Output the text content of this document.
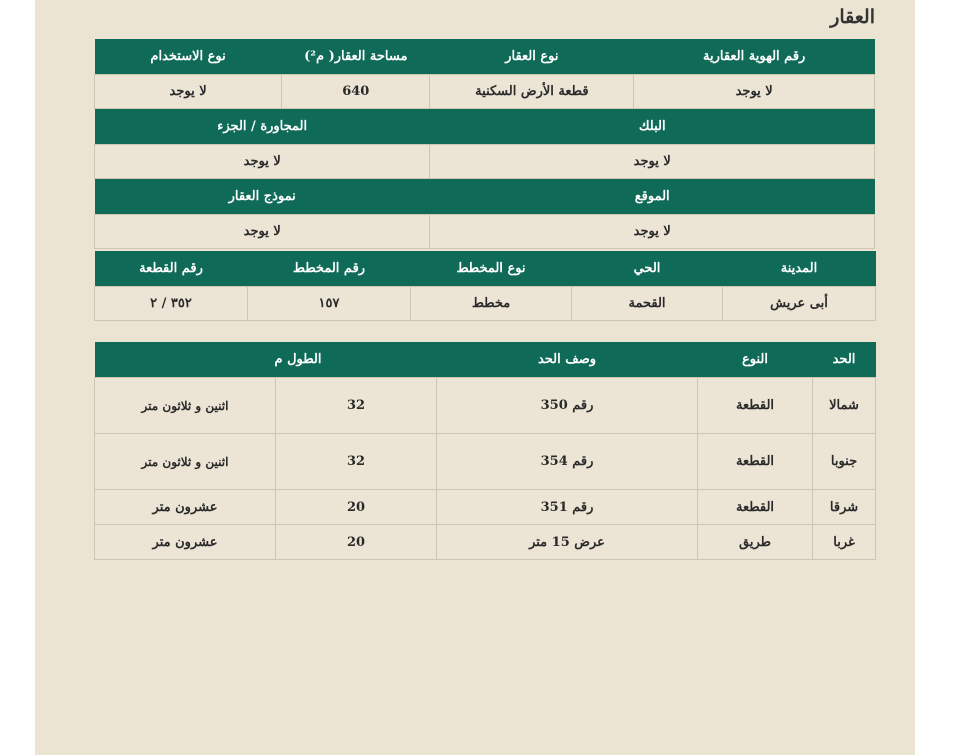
العقار
رقم الهوية العقارية	نوع العقار	مساحة العقار( م²)	نوع الاستخدام
لا يوجد	قطعة الأرض السكنية	640	لا يوجد
البلك		المجاورة / الجزء	
لا يوجد		لا يوجد	
الموقع		نموذج العقار	
لا يوجد		لا يوجد	
المدينة	الحي	نوع المخطط	رقم المخطط	رقم القطعة
أبى عريش	القحمة	مخطط	١٥٧	٣٥٢ / ٢
الحد	النوع	وصف الحد	الطول م	
شمالا	القطعة	رقم 350	32	اثنين و ثلاثون متر
جنوبا	القطعة	رقم 354	32	اثنين و ثلاثون متر
شرقا	القطعة	رقم 351	20	عشرون متر
غربا	طريق	عرض 15 متر	20	عشرون متر
